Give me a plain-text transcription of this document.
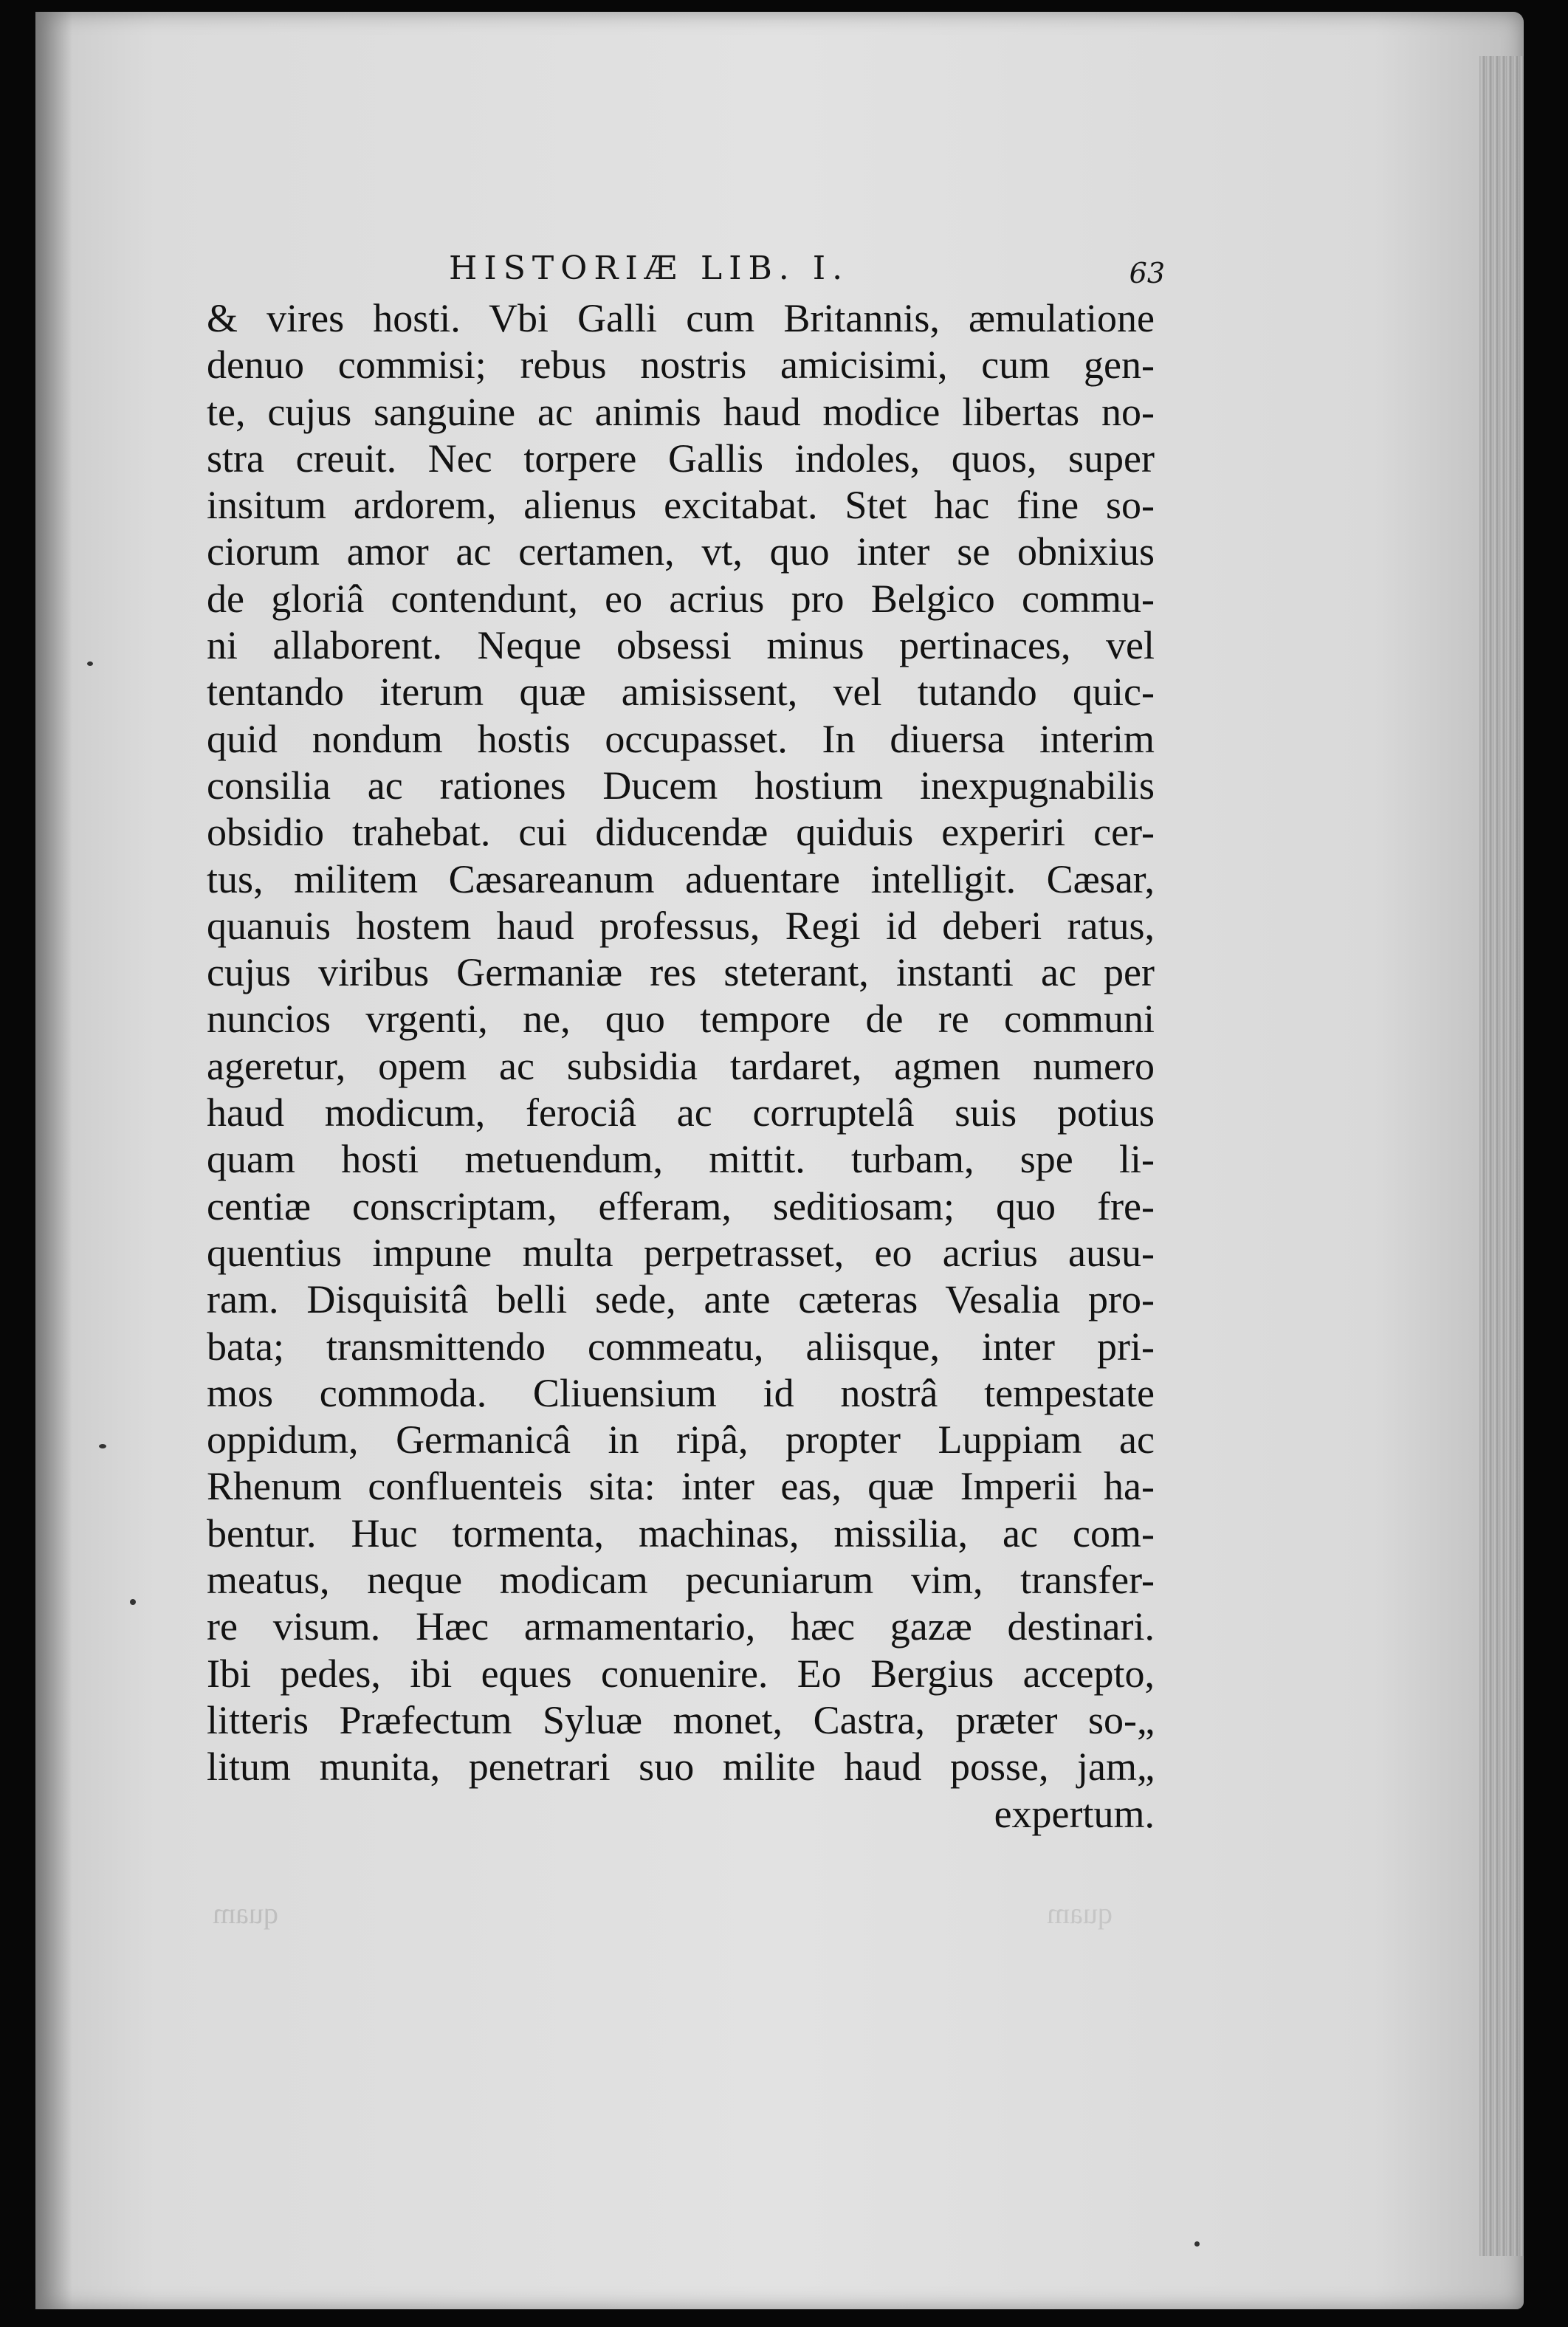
HISTORIÆ LIB. I.	63
& vires hosti. Vbi Galli cum Britannis, æmulatione
denuo commisi; rebus nostris amicisimi, cum gen-
te, cujus sanguine ac animis haud modice libertas no-
stra creuit. Nec torpere Gallis indoles, quos, super
insitum ardorem, alienus excitabat. Stet hac fine so-
ciorum amor ac certamen, vt, quo inter se obnixius
de gloriâ contendunt, eo acrius pro Belgico commu-
ni allaborent. Neque obsessi minus pertinaces, vel
tentando iterum quæ amisissent, vel tutando quic-
quid nondum hostis occupasset. In diuersa interim
consilia ac rationes Ducem hostium inexpugnabilis
obsidio trahebat. cui diducendæ quiduis experiri cer-
tus, militem Cæsareanum aduentare intelligit. Cæsar,
quanuis hostem haud professus, Regi id deberi ratus,
cujus viribus Germaniæ res steterant, instanti ac per
nuncios vrgenti, ne, quo tempore de re communi
ageretur, opem ac subsidia tardaret, agmen numero
haud modicum, ferociâ ac corruptelâ suis potius
quam hosti metuendum, mittit. turbam, spe li-
centiæ conscriptam, efferam, seditiosam; quo fre-
quentius impune multa perpetrasset, eo acrius ausu-
ram. Disquisitâ belli sede, ante cæteras Vesalia pro-
bata; transmittendo commeatu, aliisque, inter pri-
mos commoda. Cliuensium id nostrâ tempestate
oppidum, Germanicâ in ripâ, propter Luppiam ac
Rhenum confluenteis sita: inter eas, quæ Imperii ha-
bentur. Huc tormenta, machinas, missilia, ac com-
meatus, neque modicam pecuniarum vim, transfer-
re visum. Hæc armamentario, hæc gazæ destinari.
Ibi pedes, ibi eques conuenire. Eo Bergius accepto,
litteris Præfectum Syluæ monet, Castra, præter so-„
litum munita, penetrari suo milite haud posse, jam„
expertum.
quam	quam
